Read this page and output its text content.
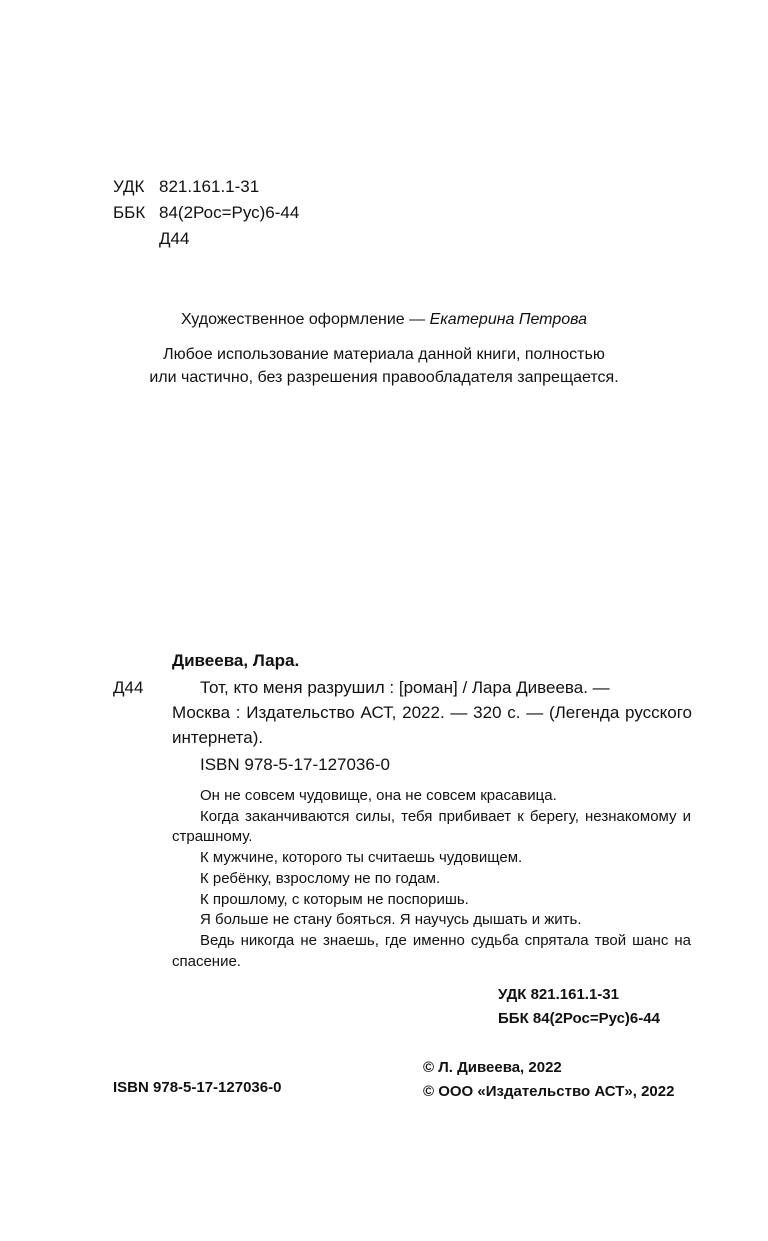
УДК 821.161.1-31
ББК 84(2Рос=Рус)6-44
Д44
Художественное оформление — Екатерина Петрова
Любое использование материала данной книги, полностью
или частично, без разрешения правообладателя запрещается.
Дивеева, Лара.
Д44	Тот, кто меня разрушил : [роман] / Лара Дивеева. —
Москва : Издательство АСТ, 2022. — 320 с. — (Легенда русского интернета).
ISBN 978-5-17-127036-0

Он не совсем чудовище, она не совсем красавица.

Когда заканчиваются силы, тебя прибивает к берегу, незнакомому и страшному.

К мужчине, которого ты считаешь чудовищем.

К ребёнку, взрослому не по годам.

К прошлому, с которым не поспоришь.

Я больше не стану бояться. Я научусь дышать и жить.

Ведь никогда не знаешь, где именно судьба спрятала твой шанс на спасение.

УДК 821.161.1-31
ББК 84(2Рос=Рус)6-44
ISBN 978-5-17-127036-0
© Л. Дивеева, 2022
© ООО «Издательство АСТ», 2022
